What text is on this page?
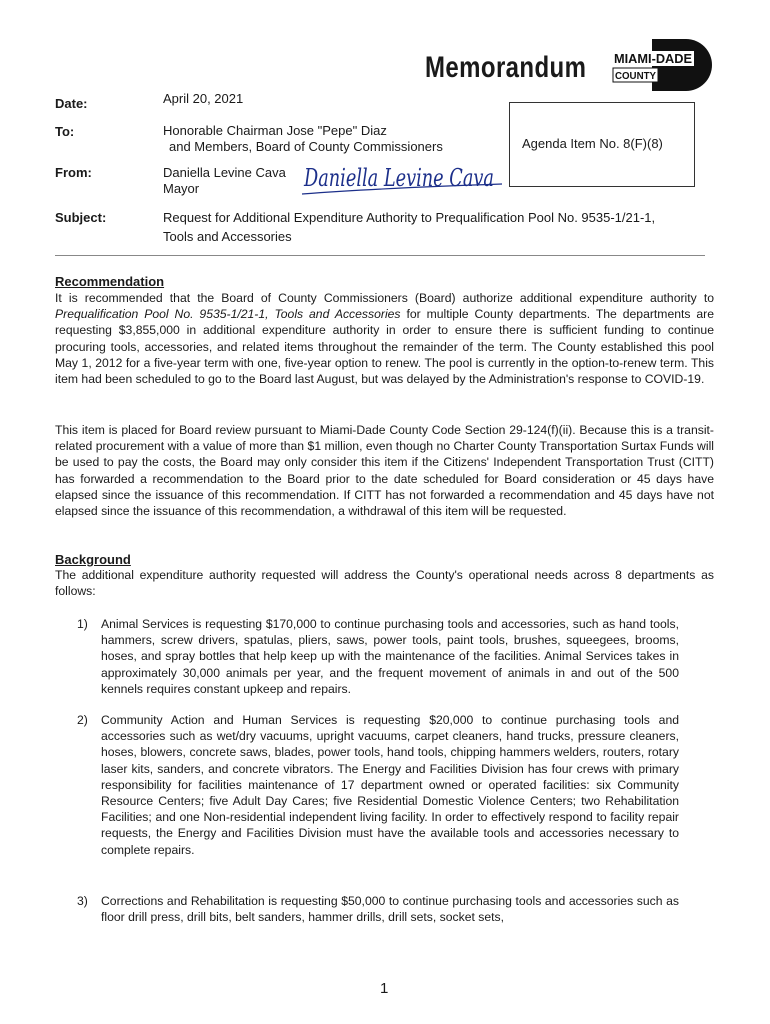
Memorandum MIAMI-DADE
COUNTY
Date:	April 20, 2021
To:	Honorable Chairman Jose "Pepe" Diaz
and Members, Board of County Commissioners
From:	Daniella Levine Cava
Mayor
Subject:	Request for Additional Expenditure Authority to Prequalification Pool No. 9535-1/21-1,
Tools and Accessories
Agenda Item No. 8(F)(8)
Daniella Levine Cava
Recommendation

It is recommended that the Board of County Commissioners (Board) authorize additional expenditure authority to Prequalification Pool No. 9535-1/21-1, Tools and Accessories for multiple County departments. The departments are requesting $3,855,000 in additional expenditure authority in order to ensure there is sufficient funding to continue procuring tools, accessories, and related items throughout the remainder of the term. The County established this pool May 1, 2012 for a five-year term with one, five-year option to renew. The pool is currently in the option-to-renew term. This item had been scheduled to go to the Board last August, but was delayed by the Administration's response to COVID-19.

This item is placed for Board review pursuant to Miami-Dade County Code Section 29-124(f)(ii). Because this is a transit-related procurement with a value of more than $1 million, even though no Charter County Transportation Surtax Funds will be used to pay the costs, the Board may only consider this item if the Citizens' Independent Transportation Trust (CITT) has forwarded a recommendation to the Board prior to the date scheduled for Board consideration or 45 days have elapsed since the issuance of this recommendation. If CITT has not forwarded a recommendation and 45 days have not elapsed since the issuance of this recommendation, a withdrawal of this item will be requested.

Background

The additional expenditure authority requested will address the County's operational needs across 8 departments as follows:

1) Animal Services is requesting $170,000 to continue purchasing tools and accessories, such as hand tools, hammers, screw drivers, spatulas, pliers, saws, power tools, paint tools, brushes, squeegees, brooms, hoses, and spray bottles that help keep up with the maintenance of the facilities. Animal Services takes in approximately 30,000 animals per year, and the frequent movement of animals in and out of the 500 kennels requires constant upkeep and repairs.
2) Community Action and Human Services is requesting $20,000 to continue purchasing tools and accessories such as wet/dry vacuums, upright vacuums, carpet cleaners, hand trucks, pressure cleaners, hoses, blowers, concrete saws, blades, power tools, hand tools, chipping hammers welders, routers, rotary laser kits, sanders, and concrete vibrators. The Energy and Facilities Division has four crews with primary responsibility for facilities maintenance of 17 department owned or operated facilities: six Community Resource Centers; five Adult Day Cares; five Residential Domestic Violence Centers; two Rehabilitation Facilities; and one Non-residential independent living facility. In order to effectively respond to facility repair requests, the Energy and Facilities Division must have the available tools and accessories necessary to complete repairs.
3) Corrections and Rehabilitation is requesting $50,000 to continue purchasing tools and accessories such as floor drill press, drill bits, belt sanders, hammer drills, drill sets, socket sets,
1
